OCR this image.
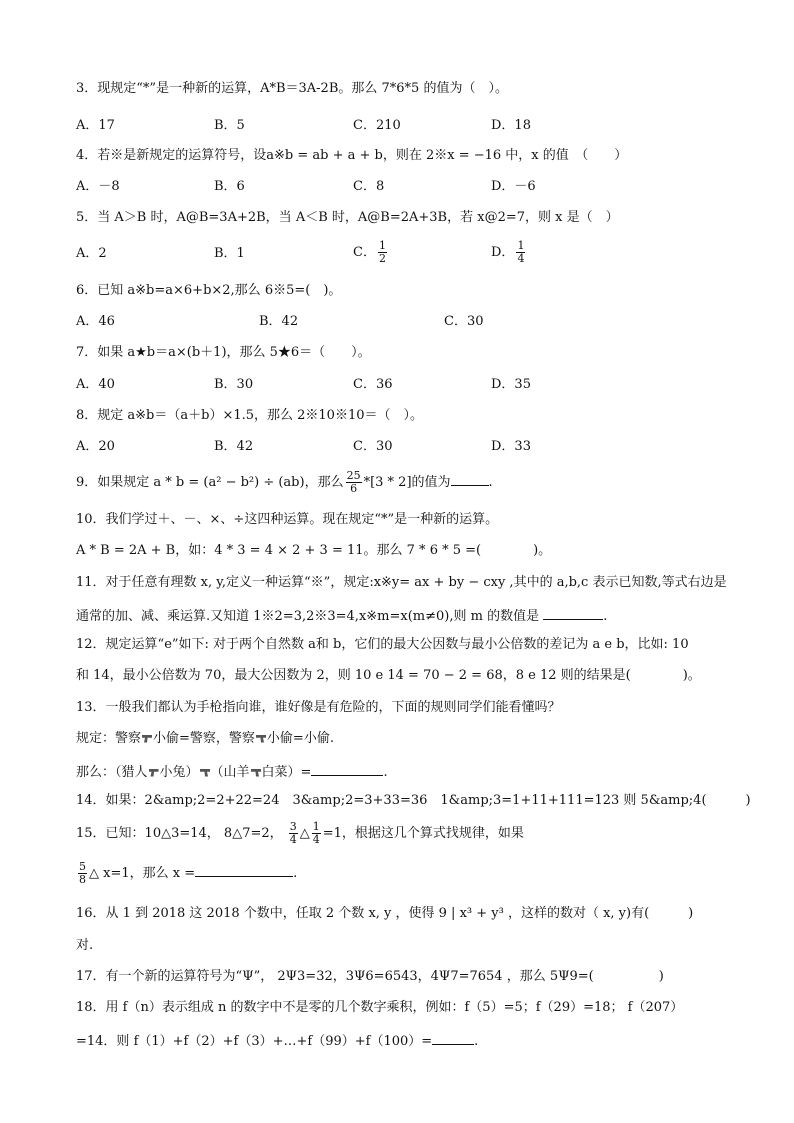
3．现规定“*”是一种新的运算，A*B＝3A-2B。那么 7*6*5 的值为（　）。
A．17	B．5	C．210	D．18
4．若※是新规定的运算符号，设a※b = ab + a + b，则在 2※x = −16 中，x 的值　（　　）
A．－8	B．6	C．8	D．－6
5．当 A＞B 时，A@B=3A+2B，当 A＜B 时，A@B=2A+3B，若 x@2=7，则 x 是（　）
A．2	B．1	C． $\frac{1}{2}$	D． $\frac{1}{4}$
6．已知 a※b=a×6+b×2,那么 6※5=(　)。
A．46	B．42	C．30
7．如果 a★b＝a×(b＋1)，那么 5★6＝（　　）。
A．40	B．30	C．36	D．35
8．规定 a※b＝（a＋b）×1.5，那么 2※10※10＝（　）。
A．20	B．42	C．30	D．33
9．如果规定 a * b = (a² − b²) ÷ (ab)，那么 $\frac{25}{6} *[3 * 2]$的值为	.
10．我们学过＋、－、×、÷这四种运算。现在规定“*”是一种新的运算。
A * B = 2A + B，如：4 * 3 = 4 × 2 + 3 = 11。那么 7 * 6 * 5 =(　　　　)。
11．对于任意有理数 x, y,定义一种运算“※”，规定:x※y= ax + by − cxy ,其中的 a,b,c 表示已知数,等式右边是
通常的加、减、乘运算.又知道 1※2=3,2※3=4,x※m=x(m≠0),则 m 的数值是	.
12．规定运算“e”如下: 对于两个自然数 a和 b，它们的最大公因数与最小公倍数的差记为 a e b，比如: 10
和 14，最小公倍数为 70，最大公因数为 2，则 10 e 14 = 70 − 2 = 68，8 e 12 则的结果是(　　　　)。
13．一般我们都认为手枪指向谁，谁好像是有危险的，下面的规则同学们能看懂吗？
规定：警察 小偷=警察，警察 小偷=小偷.
那么：（猎人 小兔） （山羊 白菜）=	.
14．如果：2&amp;2=2+22=24　3&amp;2=3+33=36　1&amp;3=1+11+111=123 则 5&amp;4(　　　)
15．已知：10△3=14， 8△7=2， $\frac{3}{4}$ △ $\frac{1}{4} =1$，根据这几个算式找规律，如果
$\frac{5}{8}$ △ x=1，那么 x =	.
16．从 1 到 2018 这 2018 个数中，任取 2 个数 x, y ，使得 9 | x³ + y³ ，这样的数对（ x, y)有(　　　)
对.
17．有一个新的运算符号为“Ψ”， 2Ψ3=32，3Ψ6=6543，4Ψ7=7654 ，那么 5Ψ9=(　　　　　)
18．用 f（n）表示组成 n 的数字中不是零的几个数字乘积，例如：f（5）=5；f（29）=18； f（207）
=14．则 f（1）+f（2）+f（3）+…+f（99）+f（100）=	.
